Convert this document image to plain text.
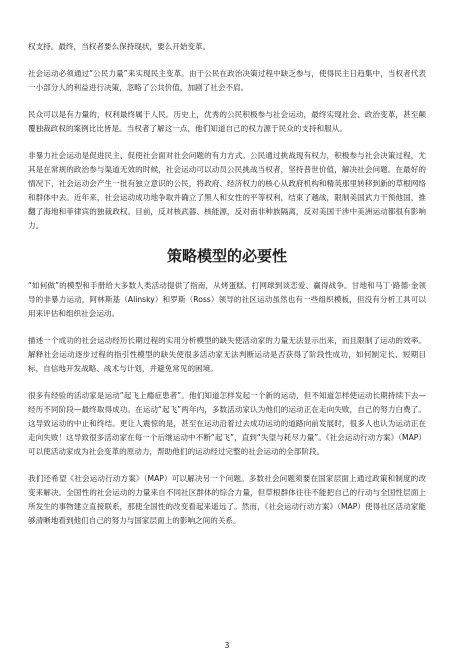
权支持。最终，当权者要么保持现状，要么开始变革。

社会运动必须通过“公民力量”来实现民主变革。由于公民在政治决策过程中缺乏参与，使得民主日趋集中，当权者代表一小部分人的利益进行决策，忽略了公共价值，加剧了社会不肩。

民众可以是有力量的，权利最终属于人民。历史上，优秀的公民积极参与社会运动，最终实现社会、政治变革，甚至颠覆独裁政权的案例比比皆是。当权者了解这一点，他们知道自己的权力源于民众的支持和服从。

非暴力社会运动是促进民主、促使社会面对社会问题的有力方式。公民通过挑战现有权力，积极参与社会决策过程，尤其是在常规的政治参与渠道无效的时候，社会运动可以动员公民挑战当权者，坚持普世价值，解决社会问题。在最好的情况下，社会运动会产生一批有独立意识的公民，将政府、经济权力的核心从政府机构和精英那里转移到新的草根网络和群体中去。近年来，社会运动成功地争取并确立了黑人和女性的平等权利，结束了越战，限制美国武力干预他国，推翻了海地和菲律宾的独裁政权。目前，反对核武器、核能源，反对南非种族隔离，反对美国干涉中美洲运动都很有影响力。

策略模型的必要性

“如何做”的模型和手册给大多数人类活动提供了指南，从烤蛋糕、打网球到谈恋爱、赢得战争。甘地和马丁·路德·金领导的非暴力运动，阿林斯基（Alinsky）和罗斯（Ross）领导的社区运动虽然也有一些组织模板，但没有分析工具可以用来评估和组织社会运动。

描述一个成功的社会运动经历长期过程的实用分析模型的缺失使活动家的力量无法显示出来，而且限制了运动的效率。解释社会运动逐步过程的指引性模型的缺失使很多活动家无法判断运动是否获得了阶段性成功，如何制定长、短期目标，自信地开发战略、战术与计划，并避免常见的困境。

很多有经验的活动家是运动“起飞上瘾症患者”。他们知道怎样发起一个新的运动，但不知道怎样使运动长期持续下去—经历不同阶段—最终取得成功。在运动“起飞”两年内，多数活动家认为他们的运动正在走向失败，自己的努力白费了。这导致运动的中止和终结。更让人震惊的是，甚至在运动沿着过去成功运动的道路向前发展时，很多人也认为运动正在走向失败！这导致很多活动家在每一个后继运动中不断“起飞”，直到“失望与耗尽力量”。《社会运动行动方案》（MAP）可以使活动家成为社会变革的原动力，帮助他们的运动经过完整的社会运动的全部阶段。

我们还希望《社会运动行动方案》（MAP）可以解决另一个问题。多数社会问题须要在国家层面上通过政策和制度的改变来解决。全国性的社会运动的力量来自不同社区群体的综合力量，但草根群体往往不能把自己的行动与全国性层面上所发生的事物建立直接联系，那使全国性的改变看起来遥远了。然而，《社会运动行动方案》（MAP）使得社区活动家能够清晰地看到他们自己的努力与国家层面上的影响之间的关系。

3
